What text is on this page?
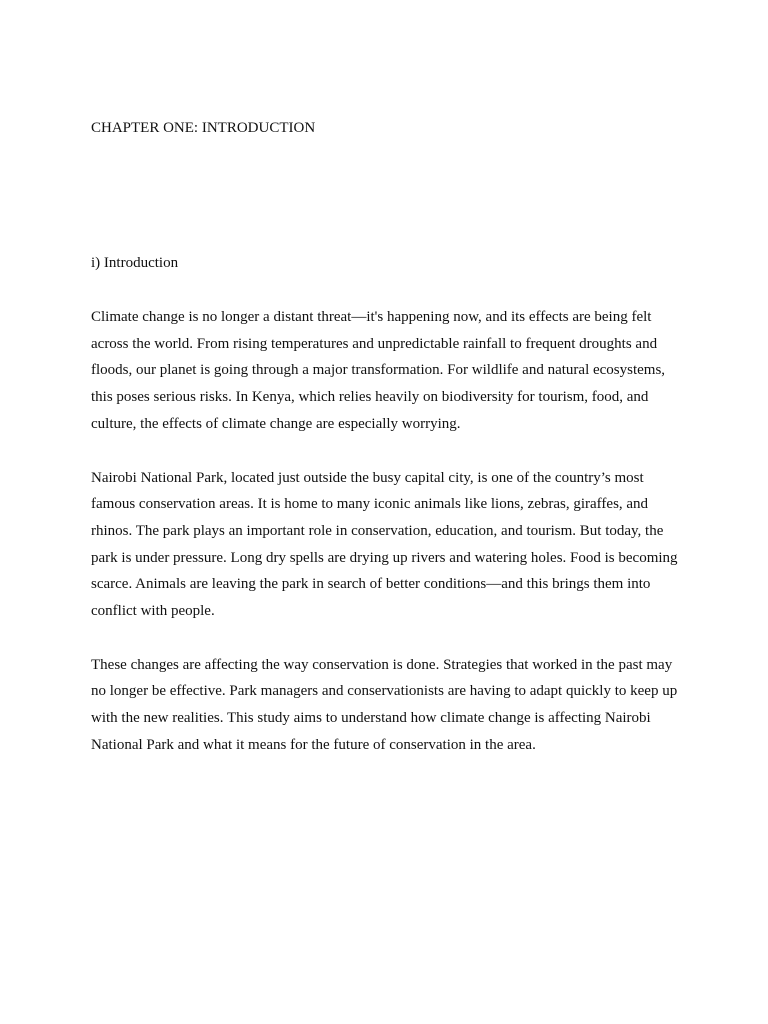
CHAPTER ONE: INTRODUCTION
i) Introduction

Climate change is no longer a distant threat—it's happening now, and its effects are being felt across the world. From rising temperatures and unpredictable rainfall to frequent droughts and floods, our planet is going through a major transformation. For wildlife and natural ecosystems, this poses serious risks. In Kenya, which relies heavily on biodiversity for tourism, food, and culture, the effects of climate change are especially worrying.

Nairobi National Park, located just outside the busy capital city, is one of the country’s most famous conservation areas. It is home to many iconic animals like lions, zebras, giraffes, and rhinos. The park plays an important role in conservation, education, and tourism. But today, the park is under pressure. Long dry spells are drying up rivers and watering holes. Food is becoming scarce. Animals are leaving the park in search of better conditions—and this brings them into conflict with people.

These changes are affecting the way conservation is done. Strategies that worked in the past may no longer be effective. Park managers and conservationists are having to adapt quickly to keep up with the new realities. This study aims to understand how climate change is affecting Nairobi National Park and what it means for the future of conservation in the area.
